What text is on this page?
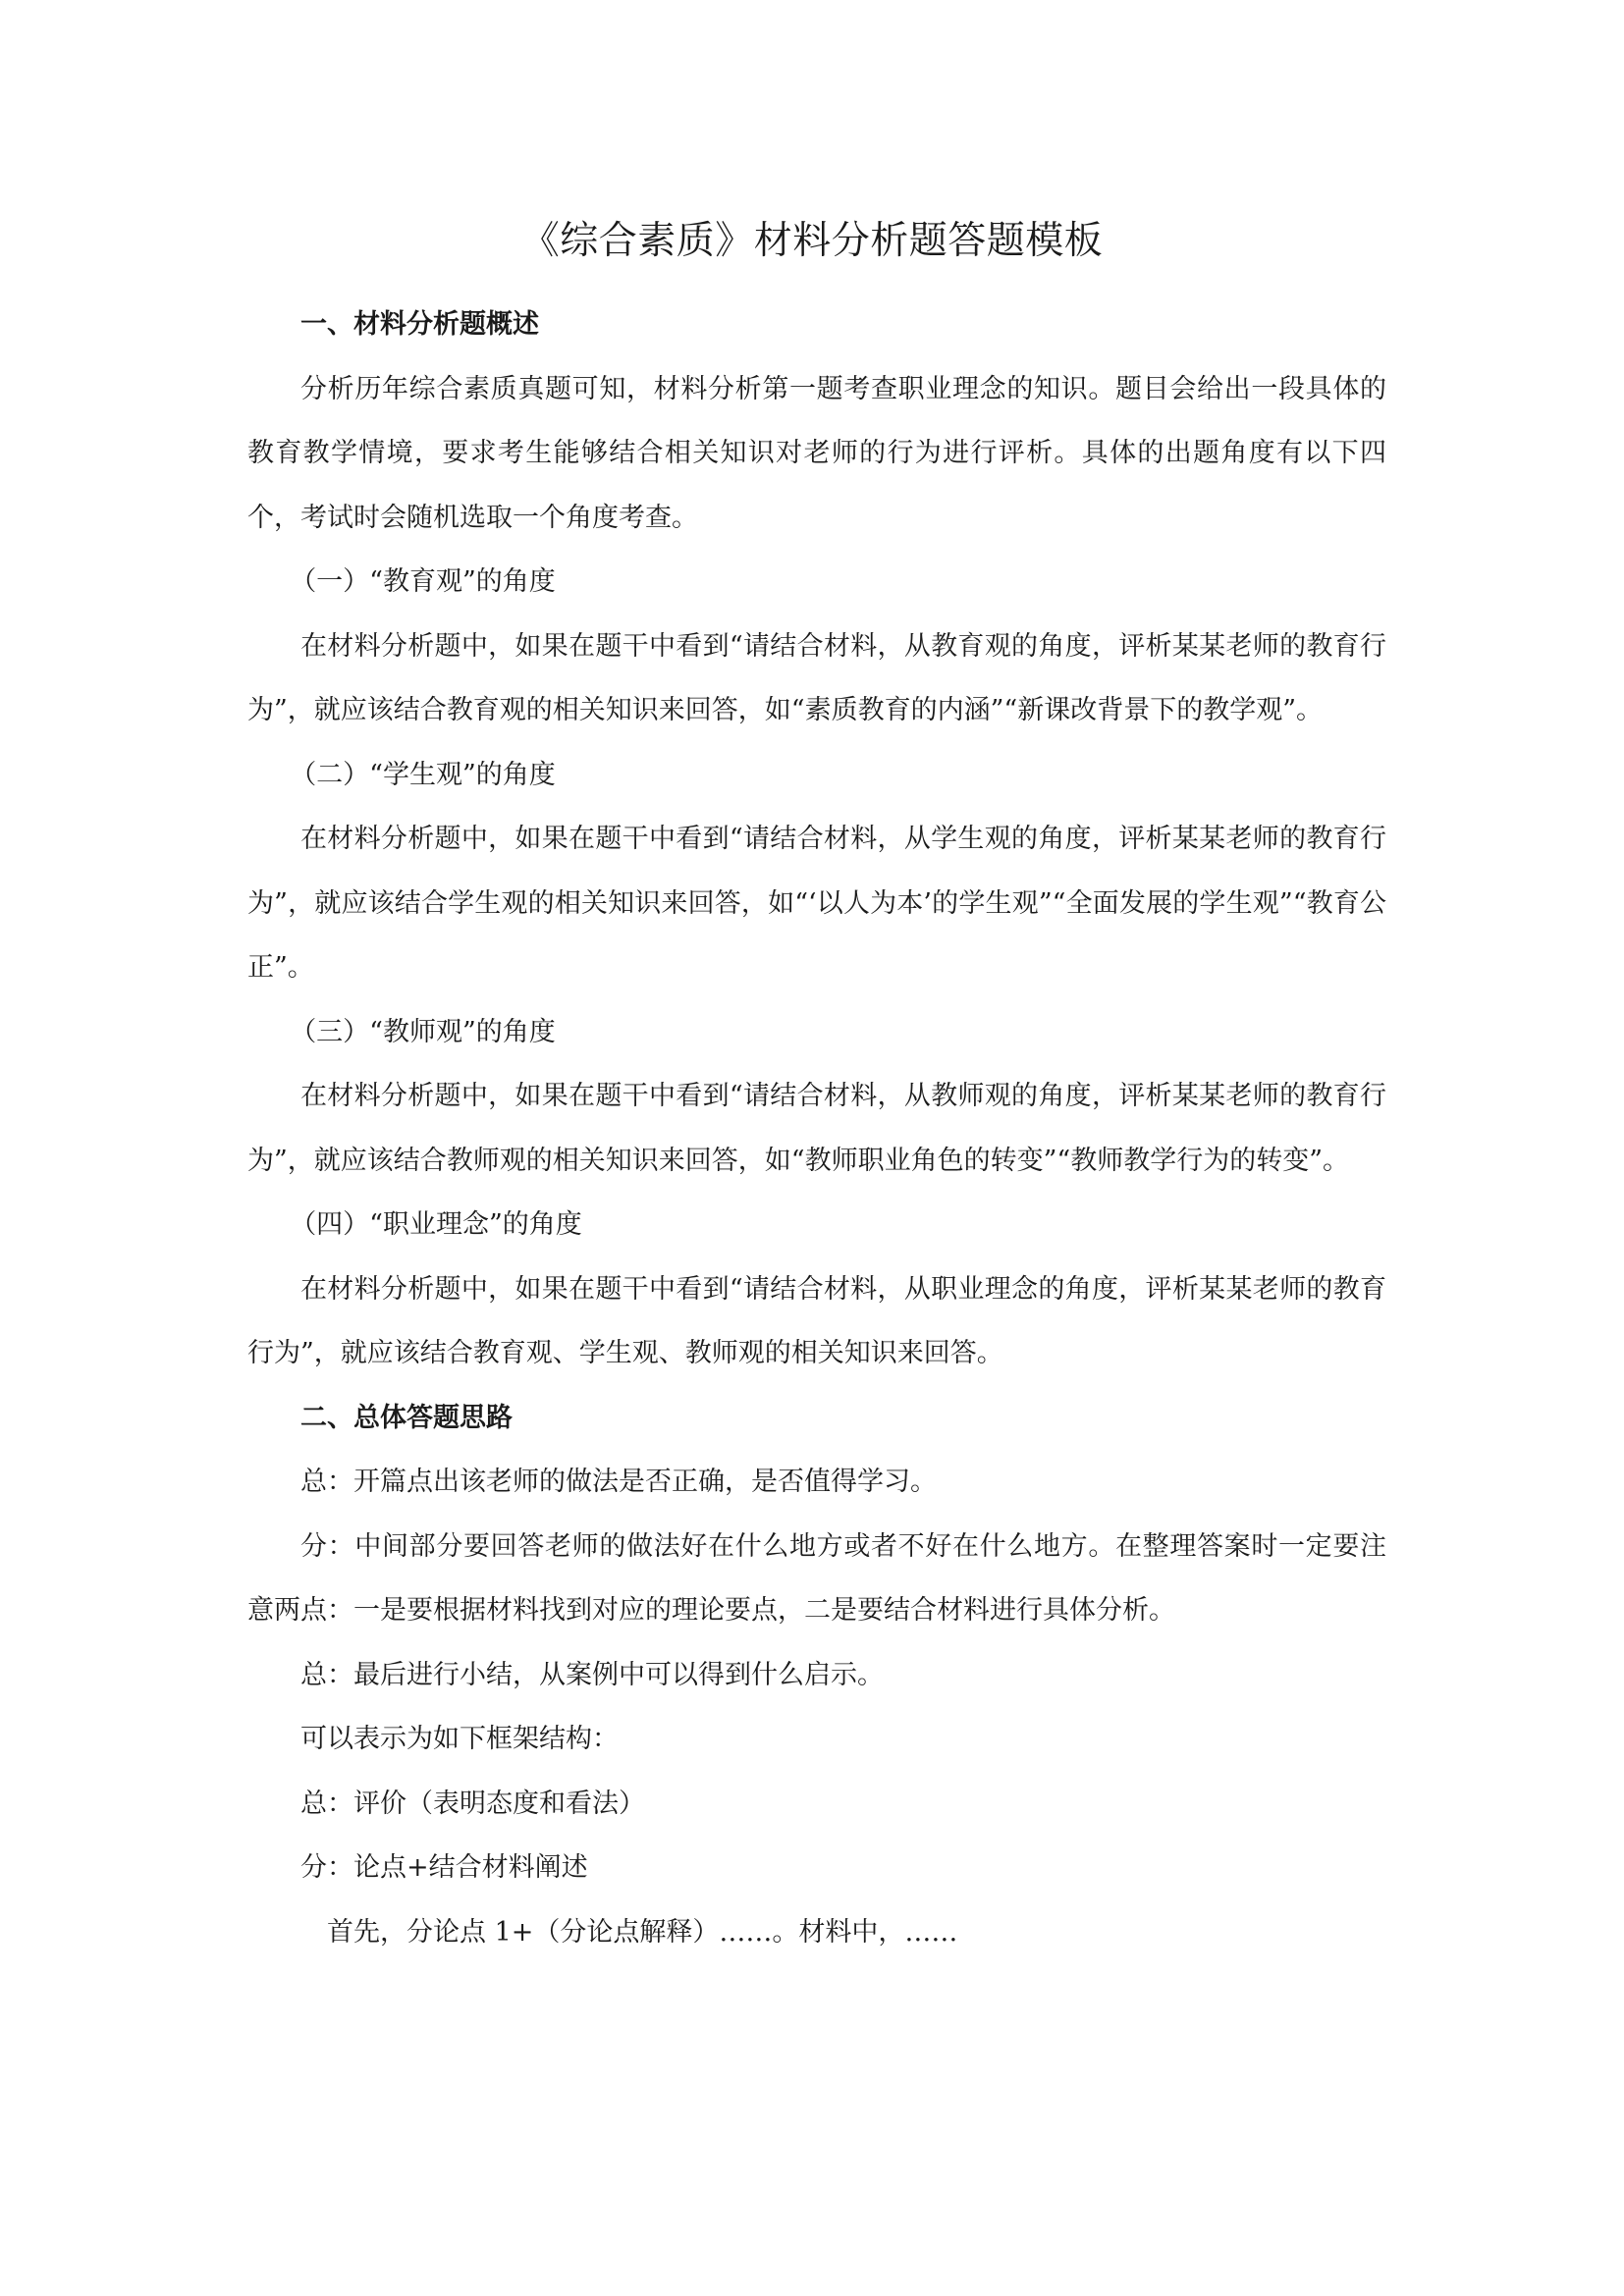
《综合素质》材料分析题答题模板

一、材料分析题概述

分析历年综合素质真题可知，材料分析第一题考查职业理念的知识。题目会给出一段具体的教育教学情境，要求考生能够结合相关知识对老师的行为进行评析。具体的出题角度有以下四个，考试时会随机选取一个角度考查。

（一）“教育观”的角度

在材料分析题中，如果在题干中看到“请结合材料，从教育观的角度，评析某某老师的教育行为”，就应该结合教育观的相关知识来回答，如“素质教育的内涵”“新课改背景下的教学观”。

（二）“学生观”的角度

在材料分析题中，如果在题干中看到“请结合材料，从学生观的角度，评析某某老师的教育行为”，就应该结合学生观的相关知识来回答，如“‘以人为本’的学生观”“全面发展的学生观”“教育公正”。

（三）“教师观”的角度

在材料分析题中，如果在题干中看到“请结合材料，从教师观的角度，评析某某老师的教育行为”，就应该结合教师观的相关知识来回答，如“教师职业角色的转变”“教师教学行为的转变”。

（四）“职业理念”的角度

在材料分析题中，如果在题干中看到“请结合材料，从职业理念的角度，评析某某老师的教育行为”，就应该结合教育观、学生观、教师观的相关知识来回答。

二、总体答题思路

总：开篇点出该老师的做法是否正确，是否值得学习。

分：中间部分要回答老师的做法好在什么地方或者不好在什么地方。在整理答案时一定要注意两点：一是要根据材料找到对应的理论要点，二是要结合材料进行具体分析。

总：最后进行小结，从案例中可以得到什么启示。

可以表示为如下框架结构：

总：评价（表明态度和看法）

分：论点+结合材料阐述

首先，分论点 1+（分论点解释）……。材料中，……
